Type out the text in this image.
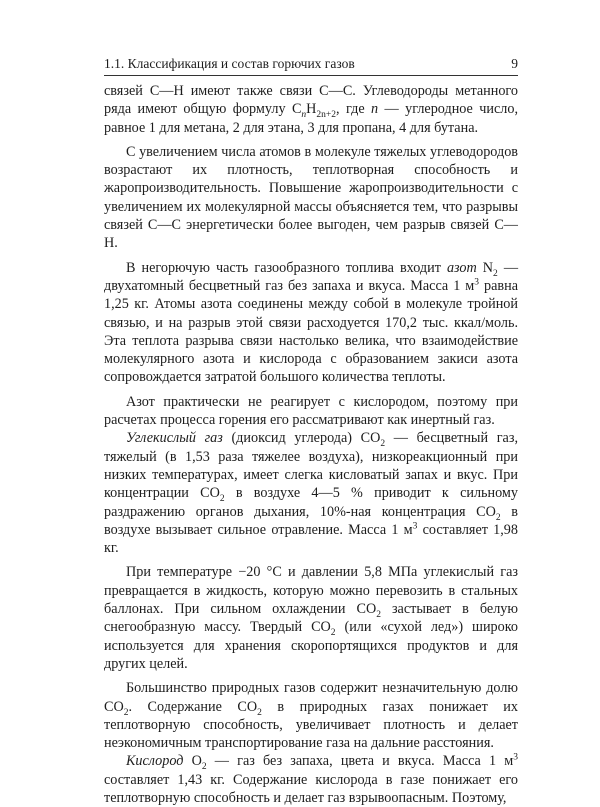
1.1. Классификация и состав горючих газов	9

связей С—Н имеют также связи С—С. Углеводороды метанного ряда имеют общую формулу $C_nH_{2n+2}$, где n — углеродное число, равное 1 для метана, 2 для этана, 3 для пропана, 4 для бутана.

С увеличением числа атомов в молекуле тяжелых углеводородов возрастают их плотность, теплотворная способность и жаропроизводительность. Повышение жаропроизводительности с увеличением их молекулярной массы объясняется тем, что разрывы связей С—С энергетически более выгоден, чем разрыв связей С—Н.

В негорючую часть газообразного топлива входит азот $N_2$ — двухатомный бесцветный газ без запаха и вкуса. Масса 1 $м^3$ равна 1,25 кг. Атомы азота соединены между собой в молекуле тройной связью, и на разрыв этой связи расходуется 170,2 тыс. ккал/моль. Эта теплота разрыва связи настолько велика, что взаимодействие молекулярного азота и кислорода с образованием закиси азота сопровождается затратой большого количества теплоты.

Азот практически не реагирует с кислородом, поэтому при расчетах процесса горения его рассматривают как инертный газ.

Углекислый газ (диоксид углерода) $CO_2$ — бесцветный газ, тяжелый (в 1,53 раза тяжелее воздуха), низкореакционный при низких температурах, имеет слегка кисловатый запах и вкус. При концентрации $CO_2$ в воздухе 4—5 % приводит к сильному раздражению органов дыхания, 10%-ная концентрация $CO_2$ в воздухе вызывает сильное отравление. Масса 1 $м^3$ составляет 1,98 кг.

При температуре −20 °С и давлении 5,8 МПа углекислый газ превращается в жидкость, которую можно перевозить в стальных баллонах. При сильном охлаждении $CO_2$ застывает в белую снегообразную массу. Твердый $CO_2$ (или «сухой лед») широко используется для хранения скоропортящихся продуктов и для других целей.

Большинство природных газов содержит незначительную долю $CO_2$. Содержание $CO_2$ в природных газах понижает их теплотворную способность, увеличивает плотность и делает неэкономичным транспортирование газа на дальние расстояния.

Кислород $O_2$ — газ без запаха, цвета и вкуса. Масса 1 $м^3$ составляет 1,43 кг. Содержание кислорода в газе понижает его теплотворную способность и делает газ взрывоопасным. Поэтому,
